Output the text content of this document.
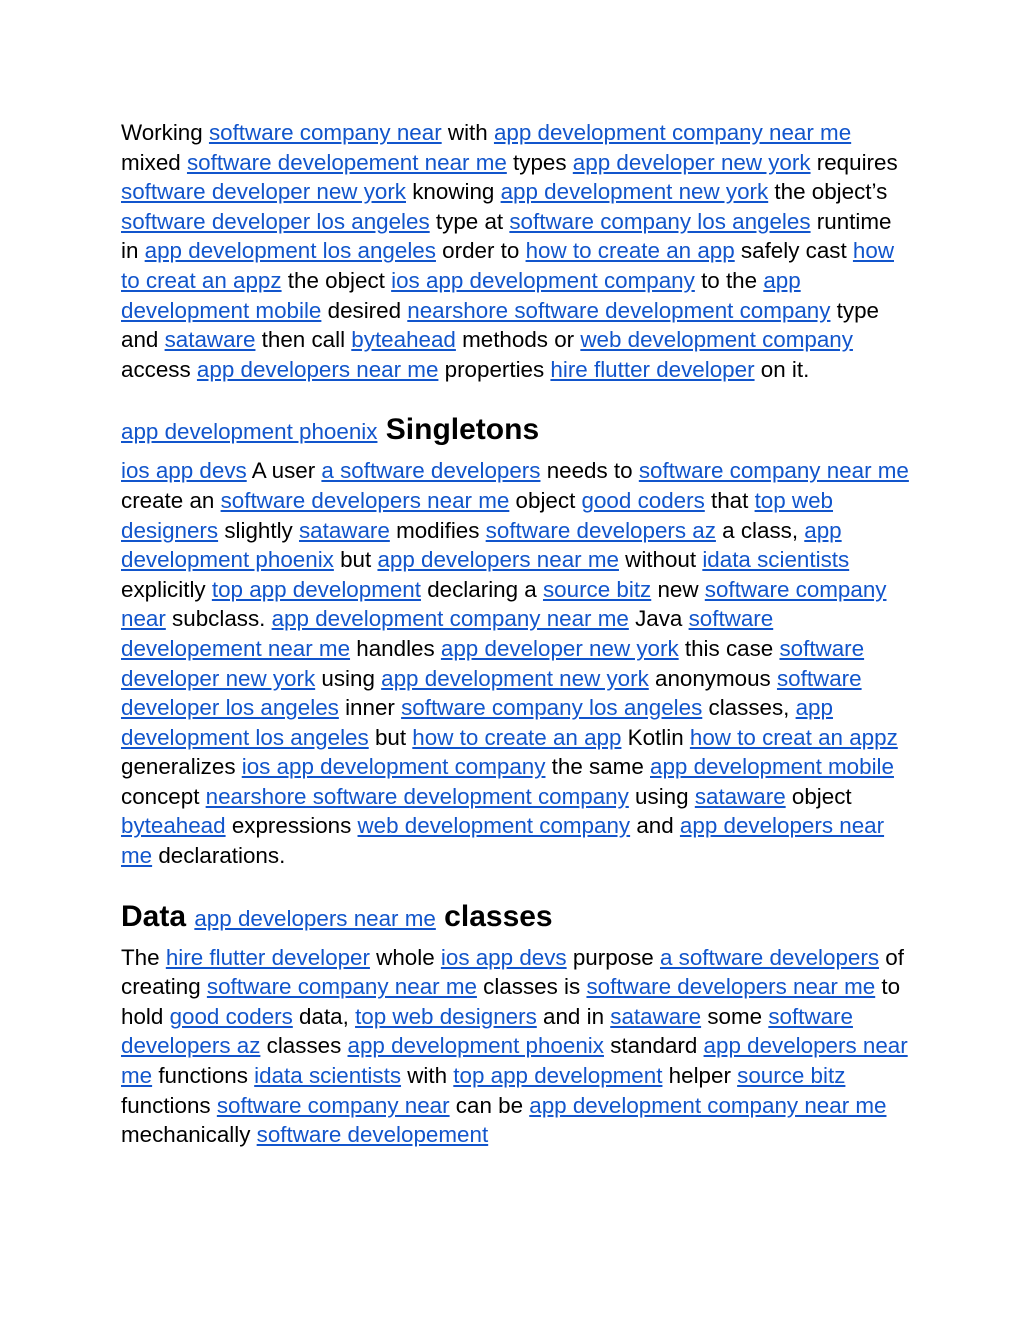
Working software company near with app development company near me mixed software developement near me types app developer new york requires software developer new york knowing app development new york the object’s software developer los angeles type at software company los angeles runtime in app development los angeles order to how to create an app safely cast how to creat an appz the object ios app development company to the app development mobile desired nearshore software development company type and sataware then call byteahead methods or web development company access app developers near me properties hire flutter developer on it.

app development phoenix Singletons

ios app devs A user a software developers needs to software company near me create an software developers near me object good coders that top web designers slightly sataware modifies software developers az a class, app development phoenix but app developers near me without idata scientists explicitly top app development declaring a source bitz new software company near subclass. app development company near me Java software developement near me handles app developer new york this case software developer new york using app development new york anonymous software developer los angeles inner software company los angeles classes, app development los angeles but how to create an app Kotlin how to creat an appz generalizes ios app development company the same app development mobile concept nearshore software development company using sataware object byteahead expressions web development company and app developers near me declarations.

Data app developers near me classes

The hire flutter developer whole ios app devs purpose a software developers of creating software company near me classes is software developers near me to hold good coders data, top web designers and in sataware some software developers az classes app development phoenix standard app developers near me functions idata scientists with top app development helper source bitz functions software company near can be app development company near me mechanically software developement
